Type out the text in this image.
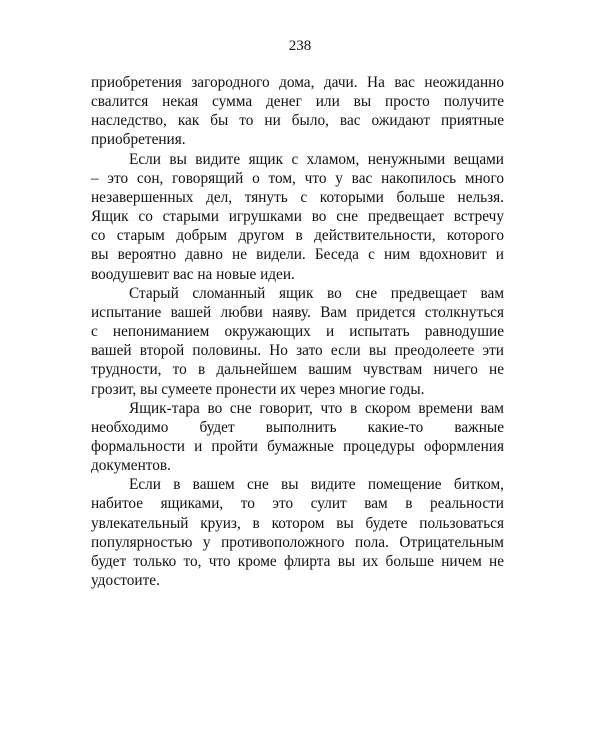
238

приобретения загородного дома, дачи. На вас неожиданно
свалится некая сумма денег или вы просто получите
наследство, как бы то ни было, вас ожидают приятные
приобретения.

Если вы видите ящик с хламом, ненужными вещами
– это сон, говорящий о том, что у вас накопилось много
незавершенных дел, тянуть с которыми больше нельзя.
Ящик со старыми игрушками во сне предвещает встречу
со старым добрым другом в действительности, которого
вы вероятно давно не видели. Беседа с ним вдохновит и
воодушевит вас на новые идеи.

Старый сломанный ящик во сне предвещает вам
испытание вашей любви наяву. Вам придется столкнуться
с непониманием окружающих и испытать равнодушие
вашей второй половины. Но зато если вы преодолеете эти
трудности, то в дальнейшем вашим чувствам ничего не
грозит, вы сумеете пронести их через многие годы.

Ящик-тара во сне говорит, что в скором времени вам
необходимо будет выполнить какие-то важные
формальности и пройти бумажные процедуры оформления
документов.

Если в вашем сне вы видите помещение битком,
набитое ящиками, то это сулит вам в реальности
увлекательный круиз, в котором вы будете пользоваться
популярностью у противоположного пола. Отрицательным
будет только то, что кроме флирта вы их больше ничем не
удостоите.
